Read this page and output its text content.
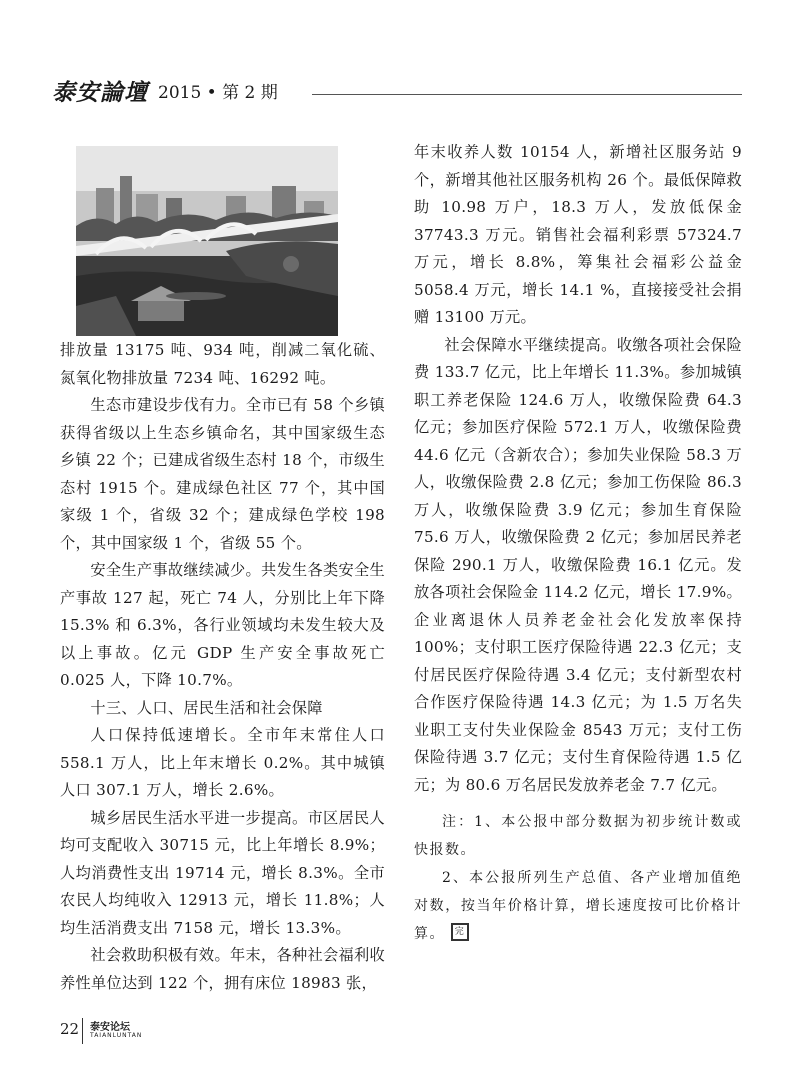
泰安論壇 2015 • 第 2 期

排放量 13175 吨、934 吨，削减二氧化硫、氮氧化物排放量 7234 吨、16292 吨。

生态市建设步伐有力。全市已有 58 个乡镇获得省级以上生态乡镇命名，其中国家级生态乡镇 22 个；已建成省级生态村 18 个，市级生态村 1915 个。建成绿色社区 77 个，其中国家级 1 个，省级 32 个；建成绿色学校 198 个，其中国家级 1 个，省级 55 个。

安全生产事故继续减少。共发生各类安全生产事故 127 起，死亡 74 人，分别比上年下降 15.3% 和 6.3%，各行业领域均未发生较大及以上事故。亿元 GDP 生产安全事故死亡 0.025 人，下降 10.7%。

十三、人口、居民生活和社会保障

人口保持低速增长。全市年末常住人口 558.1 万人，比上年末增长 0.2%。其中城镇人口 307.1 万人，增长 2.6%。

城乡居民生活水平进一步提高。市区居民人均可支配收入 30715 元，比上年增长 8.9%；人均消费性支出 19714 元，增长 8.3%。全市农民人均纯收入 12913 元，增长 11.8%；人均生活消费支出 7158 元，增长 13.3%。

社会救助积极有效。年末，各种社会福利收养性单位达到 122 个，拥有床位 18983 张，

年末收养人数 10154 人，新增社区服务站 9 个，新增其他社区服务机构 26 个。最低保障救助 10.98 万户，18.3 万人，发放低保金 37743.3 万元。销售社会福利彩票 57324.7 万元，增长 8.8%，筹集社会福彩公益金 5058.4 万元，增长 14.1 %，直接接受社会捐赠 13100 万元。

社会保障水平继续提高。收缴各项社会保险费 133.7 亿元，比上年增长 11.3%。参加城镇职工养老保险 124.6 万人，收缴保险费 64.3 亿元；参加医疗保险 572.1 万人，收缴保险费 44.6 亿元（含新农合）；参加失业保险 58.3 万人，收缴保险费 2.8 亿元；参加工伤保险 86.3 万人，收缴保险费 3.9 亿元；参加生育保险 75.6 万人，收缴保险费 2 亿元；参加居民养老保险 290.1 万人，收缴保险费 16.1 亿元。发放各项社会保险金 114.2 亿元，增长 17.9%。企业离退休人员养老金社会化发放率保持 100%；支付职工医疗保险待遇 22.3 亿元；支付居民医疗保险待遇 3.4 亿元；支付新型农村合作医疗保险待遇 14.3 亿元；为 1.5 万名失业职工支付失业保险金 8543 万元；支付工伤保险待遇 3.7 亿元；支付生育保险待遇 1.5 亿元；为 80.6 万名居民发放养老金 7.7 亿元。

注：1、本公报中部分数据为初步统计数或快报数。

2、本公报所列生产总值、各产业增加值绝对数，按当年价格计算，增长速度按可比价格计算。 完

22 泰安论坛
TAIANLUNTAN
